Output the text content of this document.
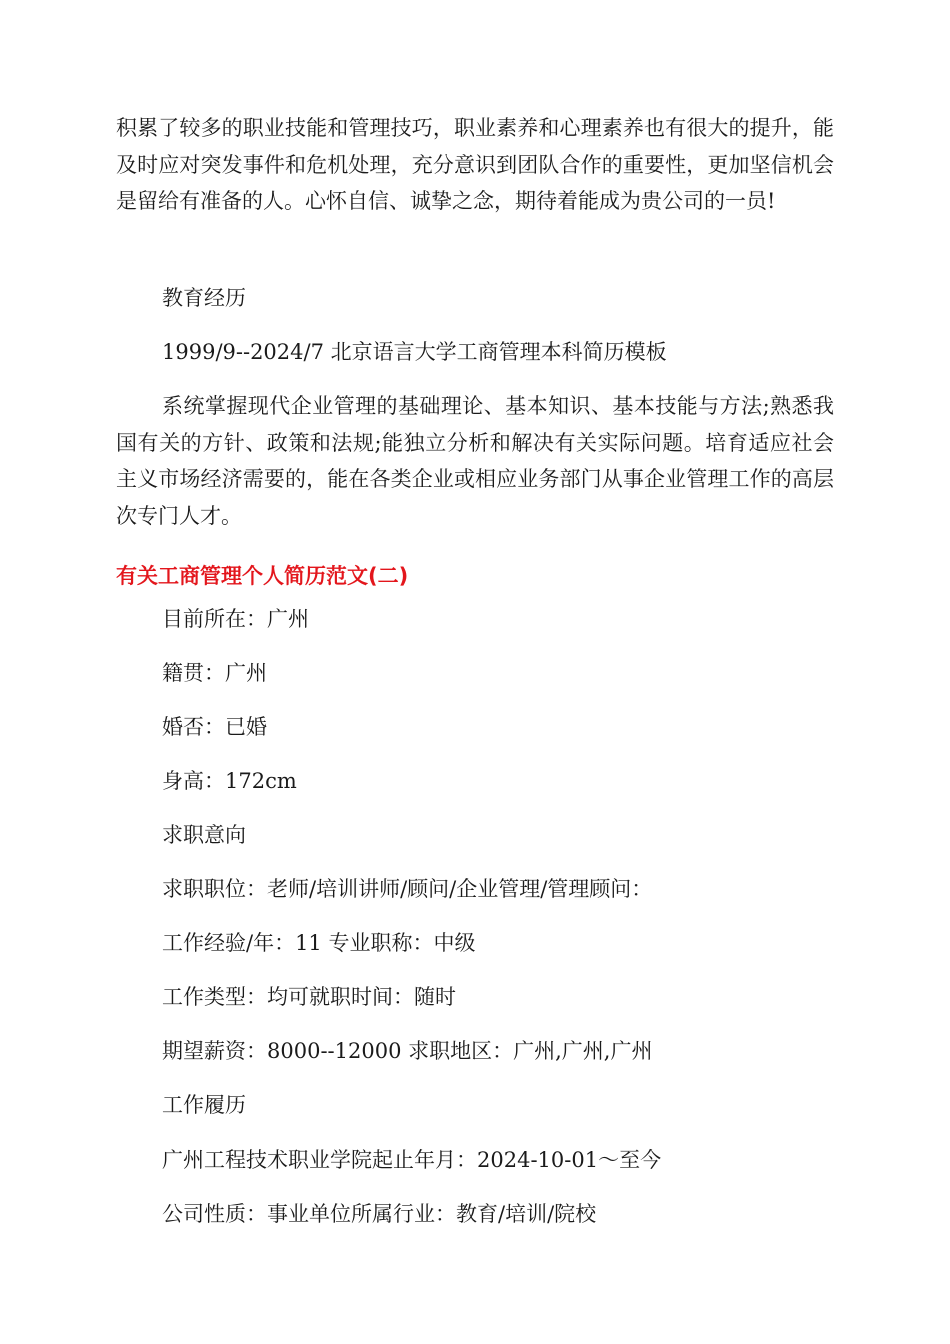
积累了较多的职业技能和管理技巧，职业素养和心理素养也有很大的提升，能及时应对突发事件和危机处理，充分意识到团队合作的重要性，更加坚信机会是留给有准备的人。心怀自信、诚挚之念，期待着能成为贵公司的一员!

教育经历

1999/9--2024/7 北京语言大学工商管理本科简历模板

系统掌握现代企业管理的基础理论、基本知识、基本技能与方法;熟悉我国有关的方针、政策和法规;能独立分析和解决有关实际问题。培育适应社会主义市场经济需要的，能在各类企业或相应业务部门从事企业管理工作的高层次专门人才。

有关工商管理个人简历范文(二)

目前所在：广州

籍贯：广州

婚否：已婚

身高：172cm

求职意向

求职职位：老师/培训讲师/顾问/企业管理/管理顾问：

工作经验/年：11 专业职称：中级

工作类型：均可就职时间：随时

期望薪资：8000--12000 求职地区：广州,广州,广州

工作履历

广州工程技术职业学院起止年月：2024-10-01～至今

公司性质：事业单位所属行业：教育/培训/院校
